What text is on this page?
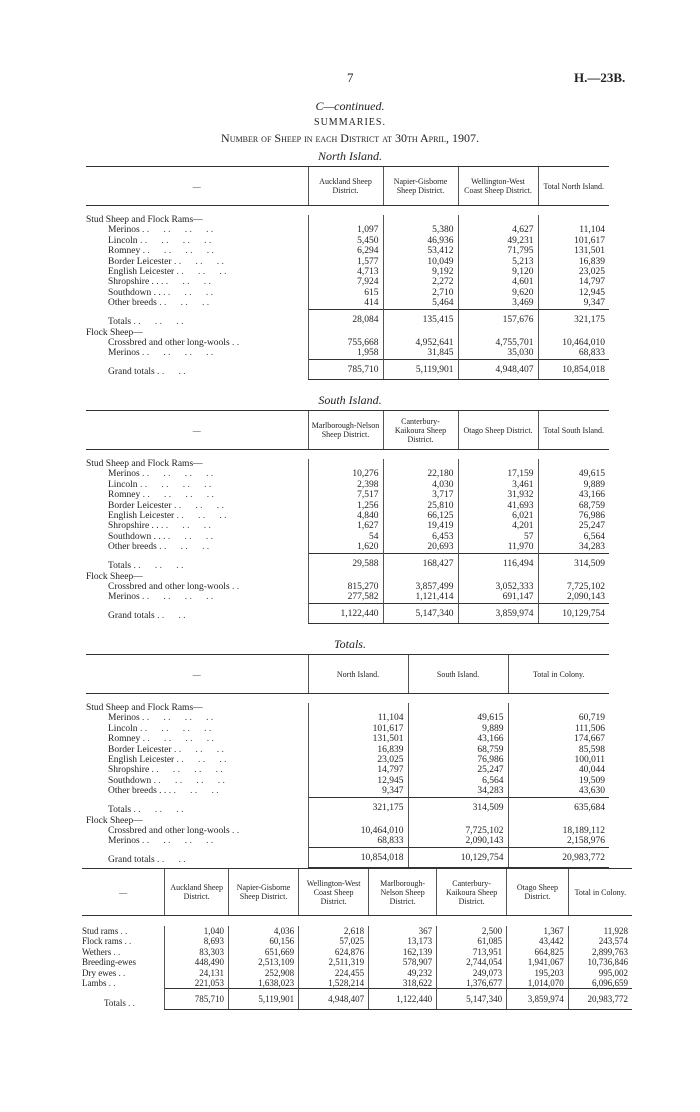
7	H.—23B.
C—continued.
SUMMARIES.
Number of Sheep in each District at 30th April, 1907.
North Island.
—	Auckland Sheep District.	Napier-Gisborne Sheep District.	Wellington-West Coast Sheep District.	Total North Island.

Stud Sheep and Flock Rams—				
Merinos . .      . .      . .      . .	1,097	5,380	4,627	11,104
Lincoln . .      . .      . .      . .	5,450	46,936	49,231	101,617
Romney . .      . .      . .      . .	6,294	53,412	71,795	131,501
Border Leicester . .      . .      . .	1,577	10,049	5,213	16,839
English Leicester . .      . .      . .	4,713	9,192	9,120	23,025
Shropshire . . . .      . .      . .	7,924	2,272	4,601	14,797
Southdown . . . .      . .      . .	615	2,710	9,620	12,945
Other breeds . .      . .      . .	414	5,464	3,469	9,347
Totals . .      . .      . .	28,084	135,415	157,676	321,175
Flock Sheep—				
Crossbred and other long-wools . .	755,668	4,952,641	4,755,701	10,464,010
Merinos . .      . .      . .      . .	1,958	31,845	35,030	68,833
Grand totals . .      . .	785,710	5,119,901	4,948,407	10,854,018
South Island.
—	Marlborough-Nelson Sheep District.	Canterbury-Kaikoura Sheep District.	Otago Sheep District.	Total South Island.

Stud Sheep and Flock Rams—				
Merinos . .      . .      . .      . .	10,276	22,180	17,159	49,615
Lincoln . .      . .      . .      . .	2,398	4,030	3,461	9,889
Romney . .      . .      . .      . .	7,517	3,717	31,932	43,166
Border Leicester . .      . .      . .	1,256	25,810	41,693	68,759
English Leicester . .      . .      . .	4,840	66,125	6,021	76,986
Shropshire . . . .      . .      . .	1,627	19,419	4,201	25,247
Southdown . . . .      . .      . .	54	6,453	57	6,564
Other breeds . .      . .      . .	1,620	20,693	11,970	34,283
Totals . .      . .      . .	29,588	168,427	116,494	314,509
Flock Sheep—				
Crossbred and other long-wools . .	815,270	3,857,499	3,052,333	7,725,102
Merinos . .      . .      . .      . .	277,582	1,121,414	691,147	2,090,143
Grand totals . .      . .	1,122,440	5,147,340	3,859,974	10,129,754
Totals.
—	North Island.	South Island.	Total in Colony.

Stud Sheep and Flock Rams—			
Merinos . .      . .      . .      . .	11,104	49,615	60,719
Lincoln . .      . .      . .      . .	101,617	9,889	111,506
Romney . .      . .      . .      . .	131,501	43,166	174,667
Border Leicester . .      . .      . .	16,839	68,759	85,598
English Leicester . .      . .      . .	23,025	76,986	100,011
Shropshire . .      . .      . .      . .	14,797	25,247	40,044
Southdown . .      . .      . .      . .	12,945	6,564	19,509
Other breeds . . . .      . .      . .	9,347	34,283	43,630
Totals . .      . .      . .	321,175	314,509	635,684
Flock Sheep—			
Crossbred and other long-wools . .	10,464,010	7,725,102	18,189,112
Merinos . .      . .      . .      . .	68,833	2,090,143	2,158,976
Grand totals . .      . .	10,854,018	10,129,754	20,983,772
—	Auckland Sheep District.	Napier-Gisborne Sheep District.	Wellington-West Coast Sheep District.	Marlborough-Nelson Sheep District.	Canterbury-Kaikoura Sheep District.	Otago Sheep District.	Total in Colony.

Stud rams . .	1,040	4,036	2,618	367	2,500	1,367	11,928
Flock rams . .	8,693	60,156	57,025	13,173	61,085	43,442	243,574
Wethers . .	83,303	651,669	624,876	162,139	713,951	664,825	2,899,763
Breeding-ewes	448,490	2,513,109	2,511,319	578,907	2,744,054	1,941,067	10,736,846
Dry ewes . .	24,131	252,908	224,455	49,232	249,073	195,203	995,002
Lambs . .	221,053	1,638,023	1,528,214	318,622	1,376,677	1,014,070	6,096,659
Totals . .	785,710	5,119,901	4,948,407	1,122,440	5,147,340	3,859,974	20,983,772
